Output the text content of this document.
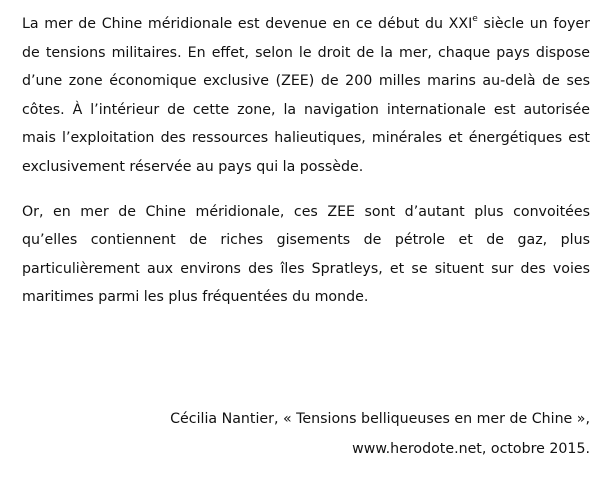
La mer de Chine méridionale est devenue en ce début du XXIe siècle un foyer de tensions militaires. En effet, selon le droit de la mer, chaque pays dispose d’une zone économique exclusive (ZEE) de 200 milles marins au-delà de ses côtes. À l’intérieur de cette zone, la navigation internationale est autorisée mais l’exploitation des ressources halieutiques, minérales et énergétiques est exclusivement réservée au pays qui la possède.

Or, en mer de Chine méridionale, ces ZEE sont d’autant plus convoitées qu’elles contiennent de riches gisements de pétrole et de gaz, plus particulièrement aux environs des îles Spratleys, et se situent sur des voies maritimes parmi les plus fréquentées du monde.

Cécilia Nantier, « Tensions belliqueuses en mer de Chine »,
www.herodote.net, octobre 2015.
